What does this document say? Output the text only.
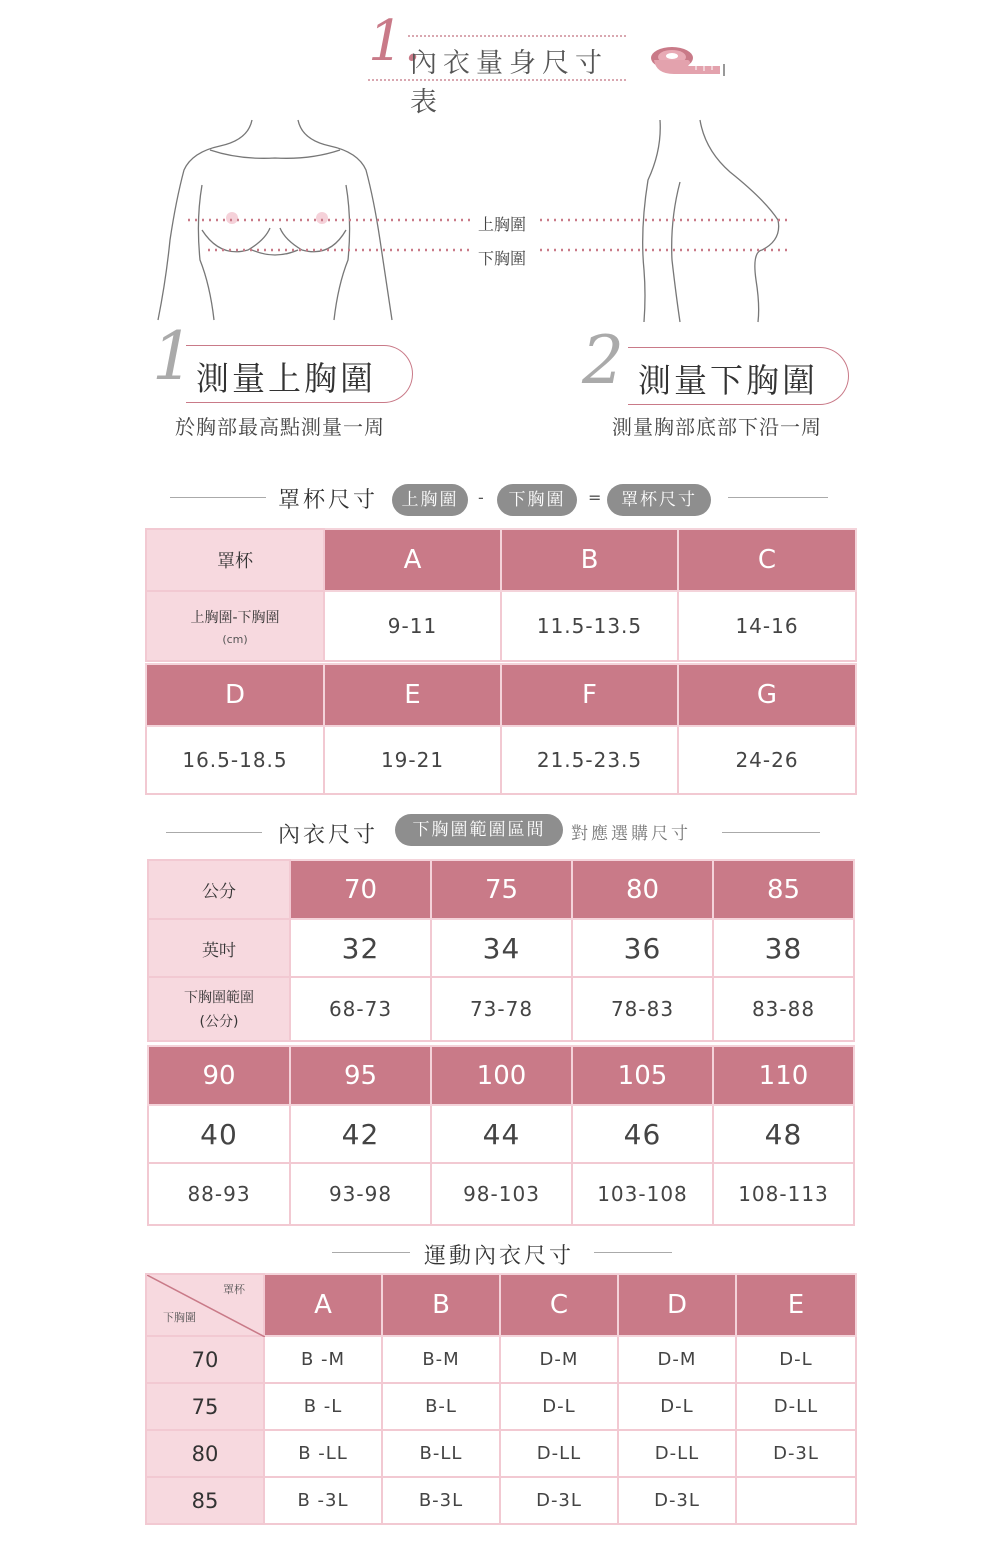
1.
內衣量身尺寸表
上胸圍
下胸圍
1 測量上胸圍
於胸部最高點測量一周
2 測量下胸圍
測量胸部底部下沿一周
罩杯尺寸	上胸圍	-	下胸圍	=	罩杯尺寸
罩杯	A	B	C

上胸圍-下胸圍
(cm)	9-11	11.5-13.5	14-16
D	E	F	G
16.5-18.5	19-21	21.5-23.5	24-26
內衣尺寸	下胸圍範圍區間	對應選購尺寸
公分	70	75	80	85
英吋	32	34	36	38

下胸圍範圍
(公分)	68-73	73-78	78-83	83-88
90	95	100	105	110
40	42	44	46	48
88-93	93-98	98-103	103-108	108-113
運動內衣尺寸
罩杯
下胸圍	A	B	C	D	E
70	B -M	B-M	D-M	D-M	D-L
75	B -L	B-L	D-L	D-L	D-LL
80	B -LL	B-LL	D-LL	D-LL	D-3L
85	B -3L	B-3L	D-3L	D-3L	
